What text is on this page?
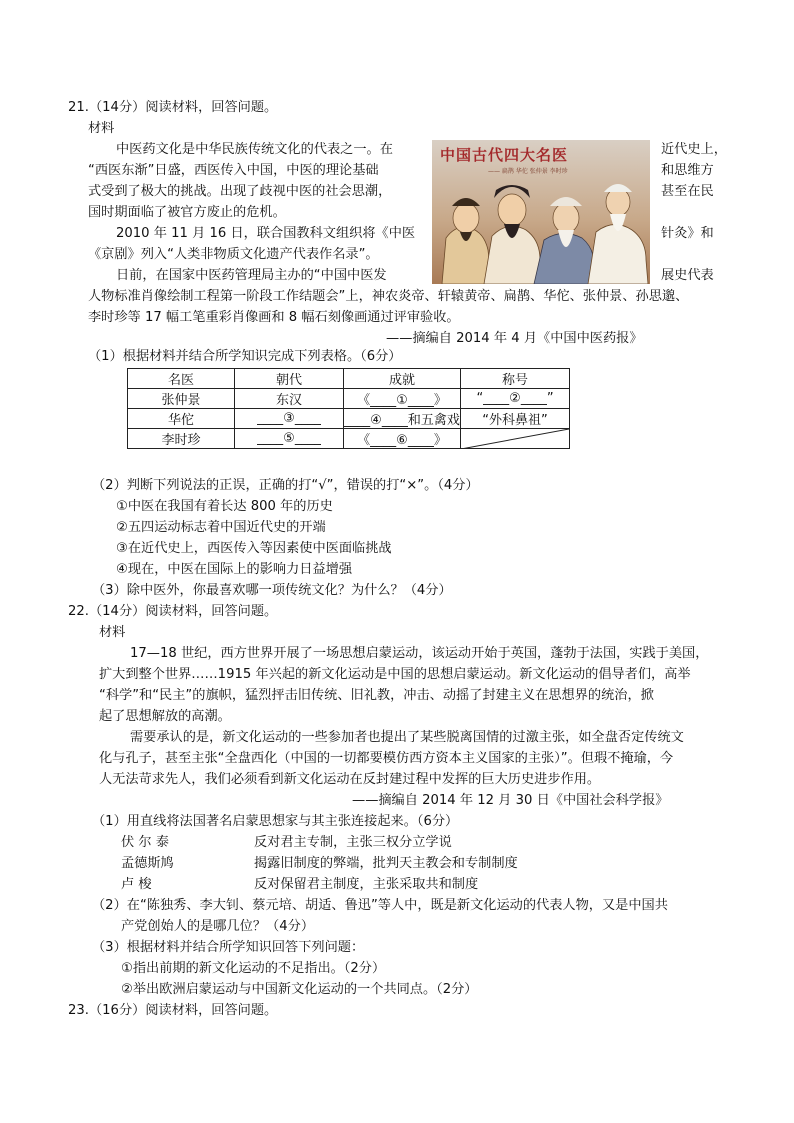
21.（14分）阅读材料，回答问题。
材料
中医药文化是中华民族传统文化的代表之一。在	近代史上，
“西医东渐”日盛，西医传入中国，中医的理论基础	和思维方
式受到了极大的挑战。出现了歧视中医的社会思潮，	甚至在民
国时期面临了被官方废止的危机。
2010 年 11 月 16 日，联合国教科文组织将《中医	针灸》和
《京剧》列入“人类非物质文化遗产代表作名录”。
日前，在国家中医药管理局主办的“中国中医发	展史代表
人物标准肖像绘制工程第一阶段工作结题会”上，神农炎帝、轩辕黄帝、扁鹊、华佗、张仲景、孙思邈、
李时珍等 17 幅工笔重彩肖像画和 8 幅石刻像画通过评审验收。
——摘编自 2014 年 4 月《中国中医药报》
中国古代四大名医
—— 扁鹊 华佗 张仲景 李时珍
（1）根据材料并结合所学知识完成下列表格。（6分）
名医	朝代	成就	称号
张仲景	东汉	《____①____》	“____②____”
华佗	____③____	____④____和五禽戏	“外科鼻祖”
李时珍	____⑤____	《____⑥____》	
（2）判断下列说法的正误，正确的打“√”，错误的打“×”。（4分）
①中医在我国有着长达 800 年的历史
②五四运动标志着中国近代史的开端
③在近代史上，西医传入等因素使中医面临挑战
④现在，中医在国际上的影响力日益增强
（3）除中医外，你最喜欢哪一项传统文化？为什么？（4分）
22.（14分）阅读材料，回答问题。
材料
17—18 世纪，西方世界开展了一场思想启蒙运动，该运动开始于英国，蓬勃于法国，实践于美国，
扩大到整个世界……1915 年兴起的新文化运动是中国的思想启蒙运动。新文化运动的倡导者们，高举
“科学”和“民主”的旗帜，猛烈抨击旧传统、旧礼教，冲击、动摇了封建主义在思想界的统治，掀
起了思想解放的高潮。
需要承认的是，新文化运动的一些参加者也提出了某些脱离国情的过激主张，如全盘否定传统文
化与孔子，甚至主张“全盘西化（中国的一切都要模仿西方资本主义国家的主张）”。但瑕不掩瑜，今
人无法苛求先人，我们必须看到新文化运动在反封建过程中发挥的巨大历史进步作用。
——摘编自 2014 年 12 月 30 日《中国社会科学报》
（1）用直线将法国著名启蒙思想家与其主张连接起来。（6分）
伏 尔 泰	反对君主专制，主张三权分立学说
孟德斯鸠	揭露旧制度的弊端，批判天主教会和专制制度
卢 梭	反对保留君主制度，主张采取共和制度
（2）在“陈独秀、李大钊、蔡元培、胡适、鲁迅”等人中，既是新文化运动的代表人物，又是中国共
产党创始人的是哪几位？（4分）
（3）根据材料并结合所学知识回答下列问题：
①指出前期的新文化运动的不足指出。（2分）
②举出欧洲启蒙运动与中国新文化运动的一个共同点。（2分）
23.（16分）阅读材料，回答问题。
